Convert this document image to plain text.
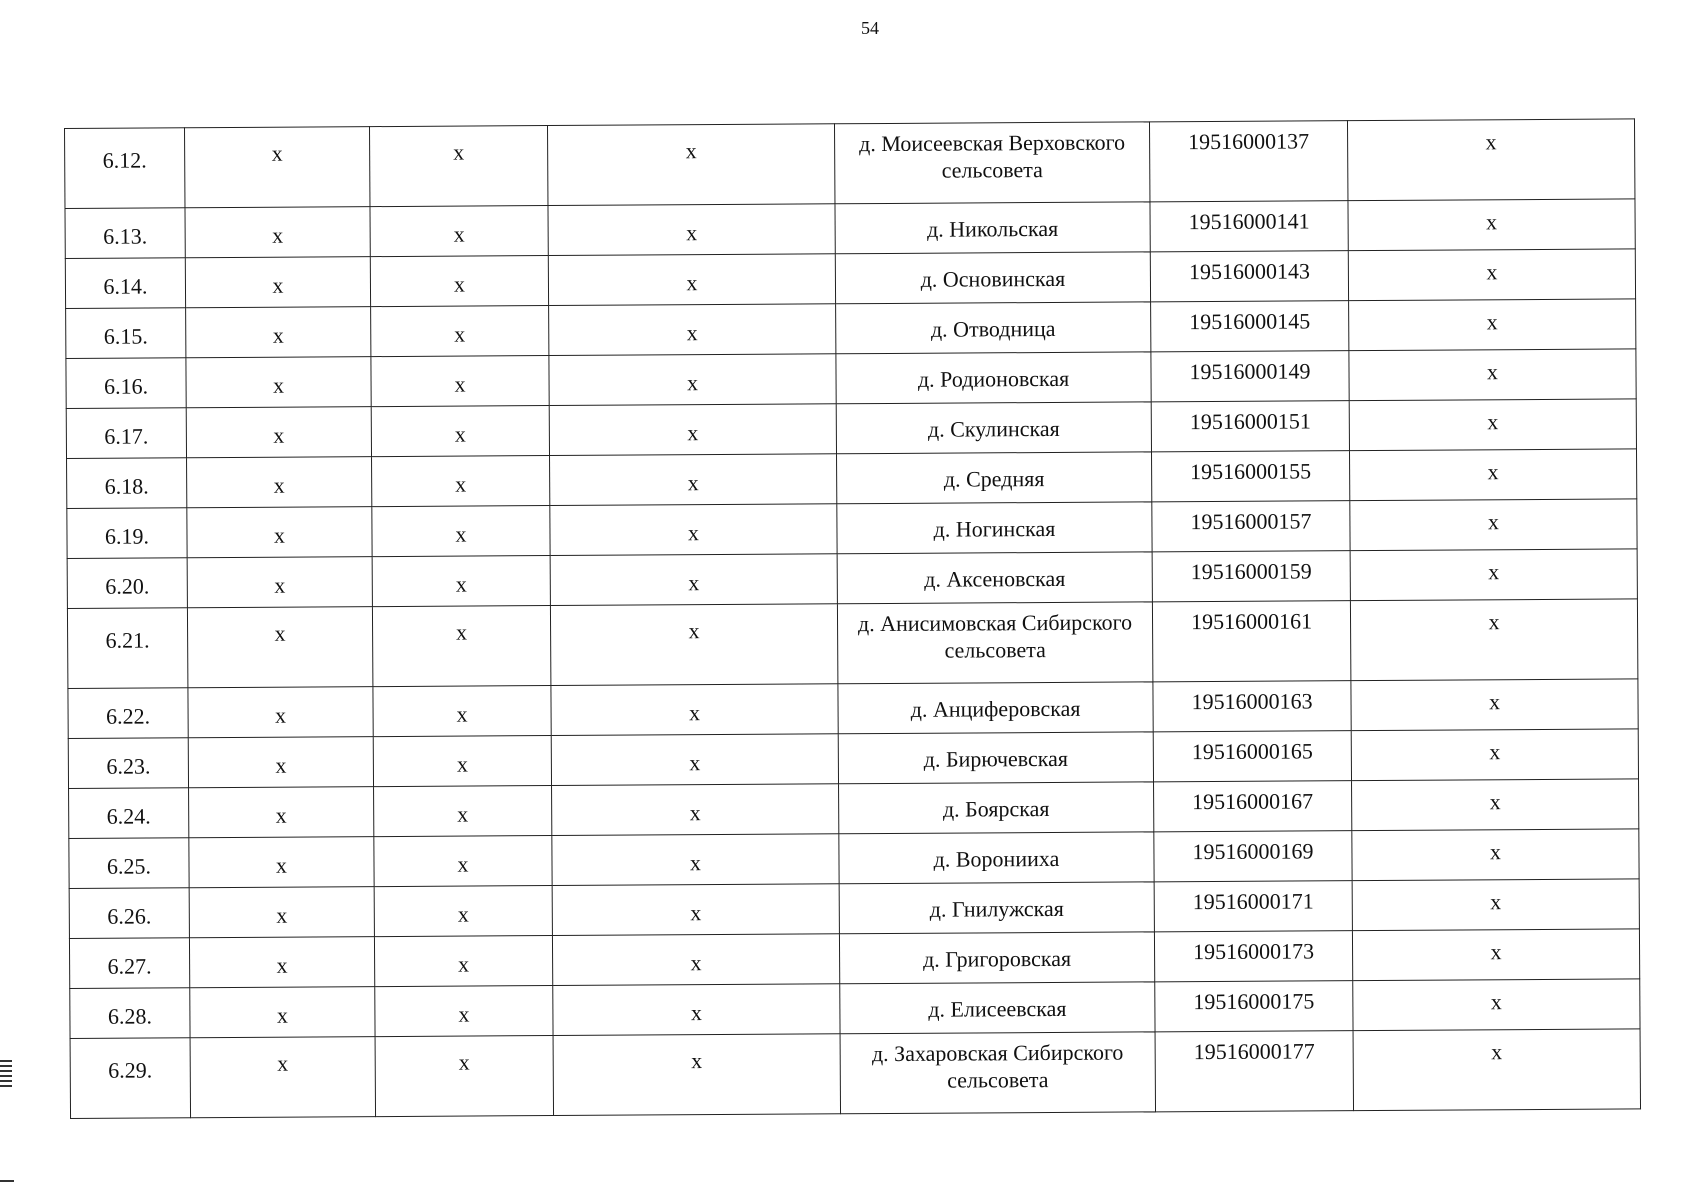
54
6.12.	x	x	x	д. Моисеевская Верховского сельсовета	19516000137	x
6.13.	x	x	x	д. Никольская	19516000141	x
6.14.	x	x	x	д. Основинская	19516000143	x
6.15.	x	x	x	д. Отводница	19516000145	x
6.16.	x	x	x	д. Родионовская	19516000149	x
6.17.	x	x	x	д. Скулинская	19516000151	x
6.18.	x	x	x	д. Средняя	19516000155	x
6.19.	x	x	x	д. Ногинская	19516000157	x
6.20.	x	x	x	д. Аксеновская	19516000159	x
6.21.	x	x	x	д. Анисимовская Сибирского сельсовета	19516000161	x
6.22.	x	x	x	д. Анциферовская	19516000163	x
6.23.	x	x	x	д. Бирючевская	19516000165	x
6.24.	x	x	x	д. Боярская	19516000167	x
6.25.	x	x	x	д. Воронииха	19516000169	x
6.26.	x	x	x	д. Гнилужская	19516000171	x
6.27.	x	x	x	д. Григоровская	19516000173	x
6.28.	x	x	x	д. Елисеевская	19516000175	x
6.29.	x	x	x	д. Захаровская Сибирского сельсовета	19516000177	x
